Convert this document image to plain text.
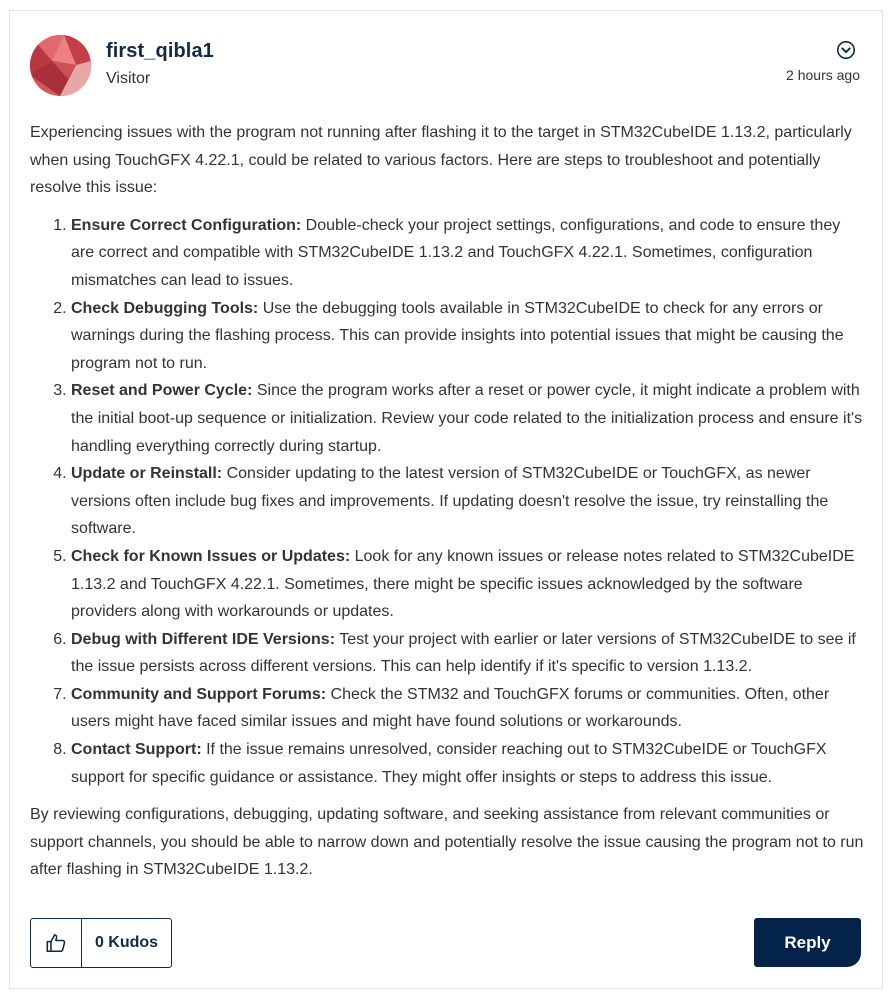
first_qibla1
Visitor	2 hours ago

Experiencing issues with the program not running after flashing it to the target in STM32CubeIDE 1.13.2, particularly when using TouchGFX 4.22.1, could be related to various factors. Here are steps to troubleshoot and potentially resolve this issue:

1. Ensure Correct Configuration: Double-check your project settings, configurations, and code to ensure they are correct and compatible with STM32CubeIDE 1.13.2 and TouchGFX 4.22.1. Sometimes, configuration mismatches can lead to issues.
2. Check Debugging Tools: Use the debugging tools available in STM32CubeIDE to check for any errors or warnings during the flashing process. This can provide insights into potential issues that might be causing the program not to run.
3. Reset and Power Cycle: Since the program works after a reset or power cycle, it might indicate a problem with the initial boot-up sequence or initialization. Review your code related to the initialization process and ensure it's handling everything correctly during startup.
4. Update or Reinstall: Consider updating to the latest version of STM32CubeIDE or TouchGFX, as newer versions often include bug fixes and improvements. If updating doesn't resolve the issue, try reinstalling the software.
5. Check for Known Issues or Updates: Look for any known issues or release notes related to STM32CubeIDE 1.13.2 and TouchGFX 4.22.1. Sometimes, there might be specific issues acknowledged by the software providers along with workarounds or updates.
6. Debug with Different IDE Versions: Test your project with earlier or later versions of STM32CubeIDE to see if the issue persists across different versions. This can help identify if it's specific to version 1.13.2.
7. Community and Support Forums: Check the STM32 and TouchGFX forums or communities. Often, other users might have faced similar issues and might have found solutions or workarounds.
8. Contact Support: If the issue remains unresolved, consider reaching out to STM32CubeIDE or TouchGFX support for specific guidance or assistance. They might offer insights or steps to address this issue.

By reviewing configurations, debugging, updating software, and seeking assistance from relevant communities or support channels, you should be able to narrow down and potentially resolve the issue causing the program not to run after flashing in STM32CubeIDE 1.13.2.

0 Kudos	Reply
